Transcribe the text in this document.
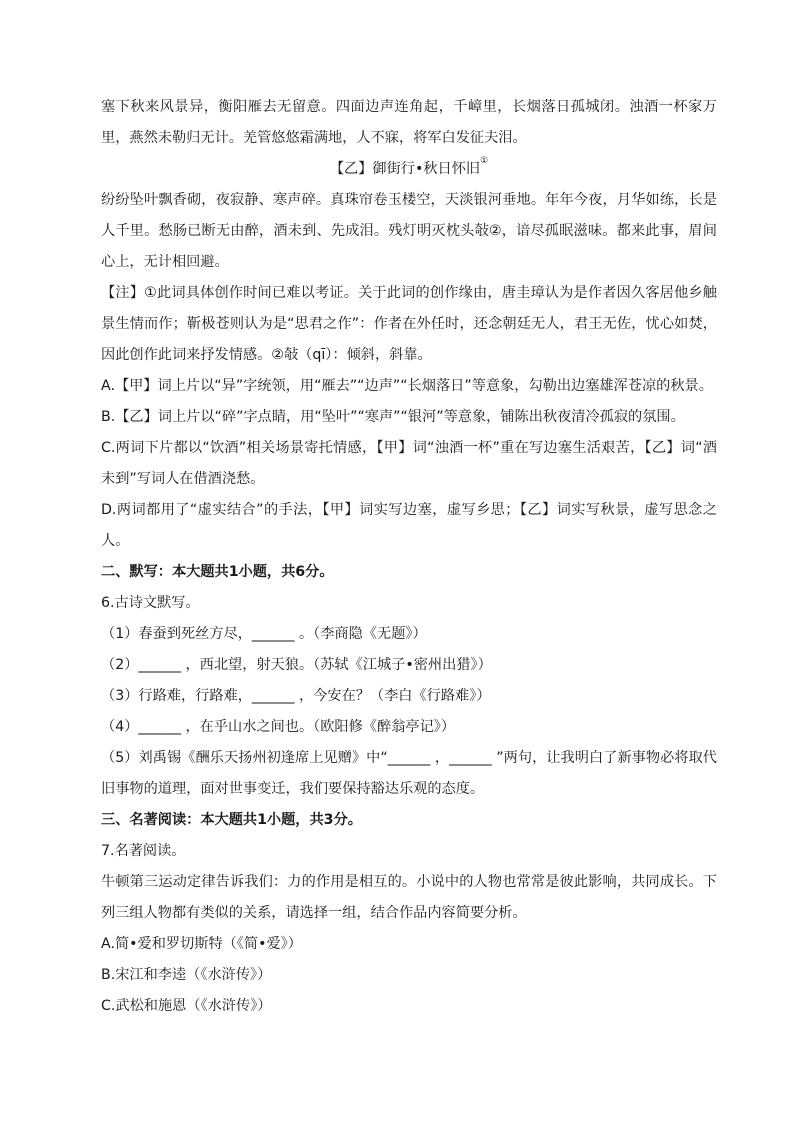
塞下秋来风景异，衡阳雁去无留意。四面边声连角起，千嶂里，长烟落日孤城闭。浊酒一杯家万里，燕然未勒归无计。羌管悠悠霜满地，人不寐，将军白发征夫泪。

【乙】御街行•秋日怀旧①

纷纷坠叶飘香砌，夜寂静、寒声碎。真珠帘卷玉楼空，天淡银河垂地。年年今夜，月华如练，长是人千里。愁肠已断无由醉，酒未到、先成泪。残灯明灭枕头敧②，谙尽孤眠滋味。都来此事，眉间心上，无计相回避。

【注】①此词具体创作时间已难以考证。关于此词的创作缘由，唐圭璋认为是作者因久客居他乡触景生情而作；靳极苍则认为是“思君之作”：作者在外任时，还念朝廷无人，君王无佐，忧心如焚，因此创作此词来抒发情感。②敧（qī）：倾斜，斜靠。

A.【甲】词上片以“异”字统领，用“雁去”“边声”“长烟落日”等意象，勾勒出边塞雄浑苍凉的秋景。

B.【乙】词上片以“碎”字点睛，用“坠叶”“寒声”“银河”等意象，铺陈出秋夜清冷孤寂的氛围。

C.两词下片都以“饮酒”相关场景寄托情感，【甲】词“浊酒一杯”重在写边塞生活艰苦，【乙】词“酒未到”写词人在借酒浇愁。

D.两词都用了“虚实结合”的手法，【甲】词实写边塞，虚写乡思；【乙】词实写秋景，虚写思念之人。

二、默写：本大题共1小题，共6分。

6.古诗文默写。

（1）春蚕到死丝方尽，______ 。（李商隐《无题》）

（2）______ ，西北望，射天狼。（苏轼《江城子•密州出猎》）

（3）行路难，行路难，______ ，今安在？（李白《行路难》）

（4）______ ，在乎山水之间也。（欧阳修《醉翁亭记》）

（5）刘禹锡《酬乐天扬州初逢席上见赠》中“______ ，______ ”两句，让我明白了新事物必将取代旧事物的道理，面对世事变迁，我们要保持豁达乐观的态度。

三、名著阅读：本大题共1小题，共3分。

7.名著阅读。

牛顿第三运动定律告诉我们：力的作用是相互的。小说中的人物也常常是彼此影响，共同成长。下列三组人物都有类似的关系，请选择一组，结合作品内容简要分析。

A.简•爱和罗切斯特（《简•爱》）

B.宋江和李逵（《水浒传》）

C.武松和施恩（《水浒传》）
